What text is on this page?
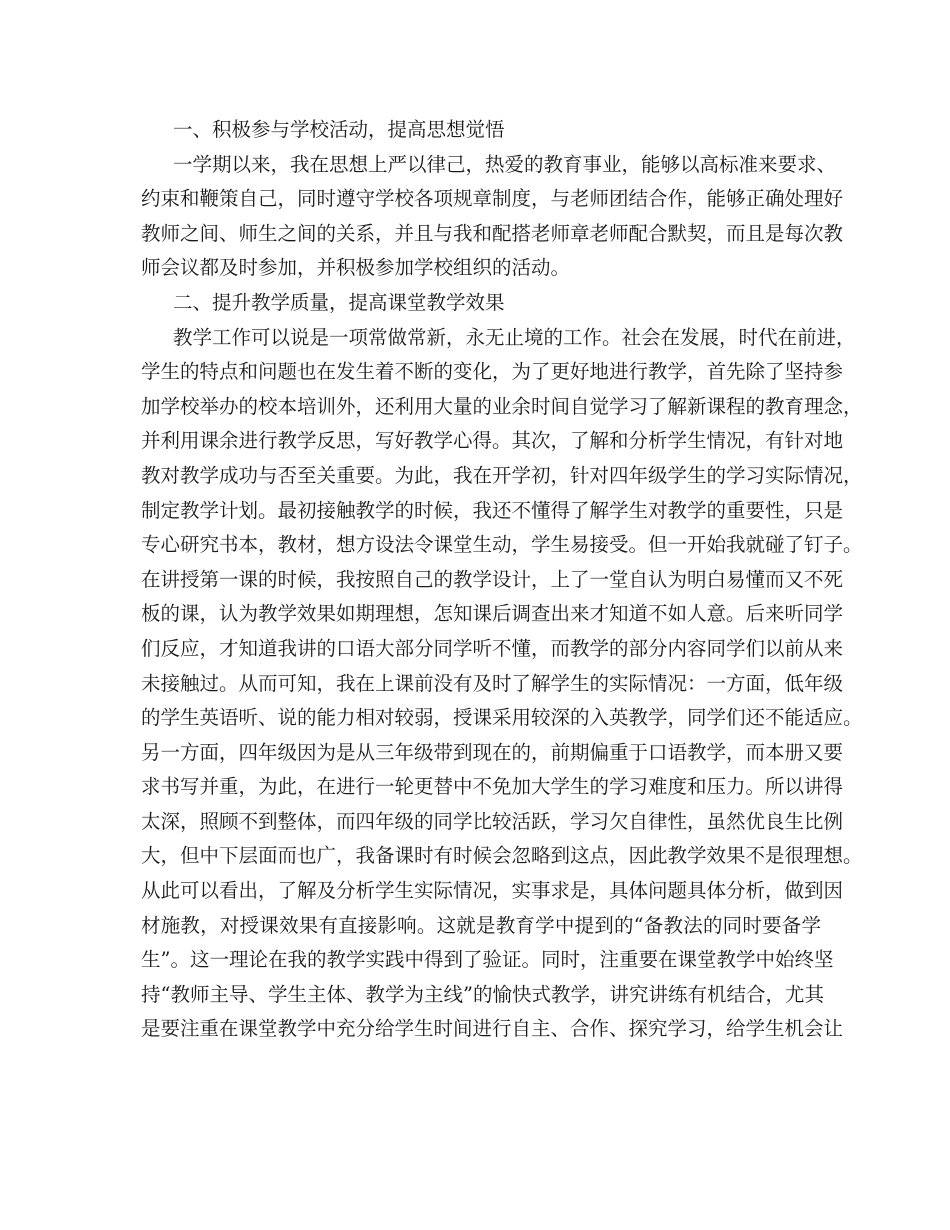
一、积极参与学校活动，提高思想觉悟
一学期以来，我在思想上严以律己，热爱的教育事业，能够以高标准来要求、
约束和鞭策自己，同时遵守学校各项规章制度，与老师团结合作，能够正确处理好
教师之间、师生之间的关系，并且与我和配搭老师章老师配合默契，而且是每次教
师会议都及时参加，并积极参加学校组织的活动。
二、提升教学质量，提高课堂教学效果
教学工作可以说是一项常做常新，永无止境的工作。社会在发展，时代在前进，
学生的特点和问题也在发生着不断的变化，为了更好地进行教学，首先除了坚持参
加学校举办的校本培训外，还利用大量的业余时间自觉学习了解新课程的教育理念，
并利用课余进行教学反思，写好教学心得。其次，了解和分析学生情况，有针对地
教对教学成功与否至关重要。为此，我在开学初，针对四年级学生的学习实际情况，
制定教学计划。最初接触教学的时候，我还不懂得了解学生对教学的重要性，只是
专心研究书本，教材，想方设法令课堂生动，学生易接受。但一开始我就碰了钉子。
在讲授第一课的时候，我按照自己的教学设计，上了一堂自认为明白易懂而又不死
板的课，认为教学效果如期理想，怎知课后调查出来才知道不如人意。后来听同学
们反应，才知道我讲的口语大部分同学听不懂，而教学的部分内容同学们以前从来
未接触过。从而可知，我在上课前没有及时了解学生的实际情况：一方面，低年级
的学生英语听、说的能力相对较弱，授课采用较深的入英教学，同学们还不能适应。
另一方面，四年级因为是从三年级带到现在的，前期偏重于口语教学，而本册又要
求书写并重，为此，在进行一轮更替中不免加大学生的学习难度和压力。所以讲得
太深，照顾不到整体，而四年级的同学比较活跃，学习欠自律性，虽然优良生比例
大，但中下层面而也广，我备课时有时候会忽略到这点，因此教学效果不是很理想。
从此可以看出，了解及分析学生实际情况，实事求是，具体问题具体分析，做到因
材施教，对授课效果有直接影响。这就是教育学中提到的“备教法的同时要备学
生”。这一理论在我的教学实践中得到了验证。同时，注重要在课堂教学中始终坚
持“教师主导、学生主体、教学为主线”的愉快式教学，讲究讲练有机结合，尤其
是要注重在课堂教学中充分给学生时间进行自主、合作、探究学习，给学生机会让
